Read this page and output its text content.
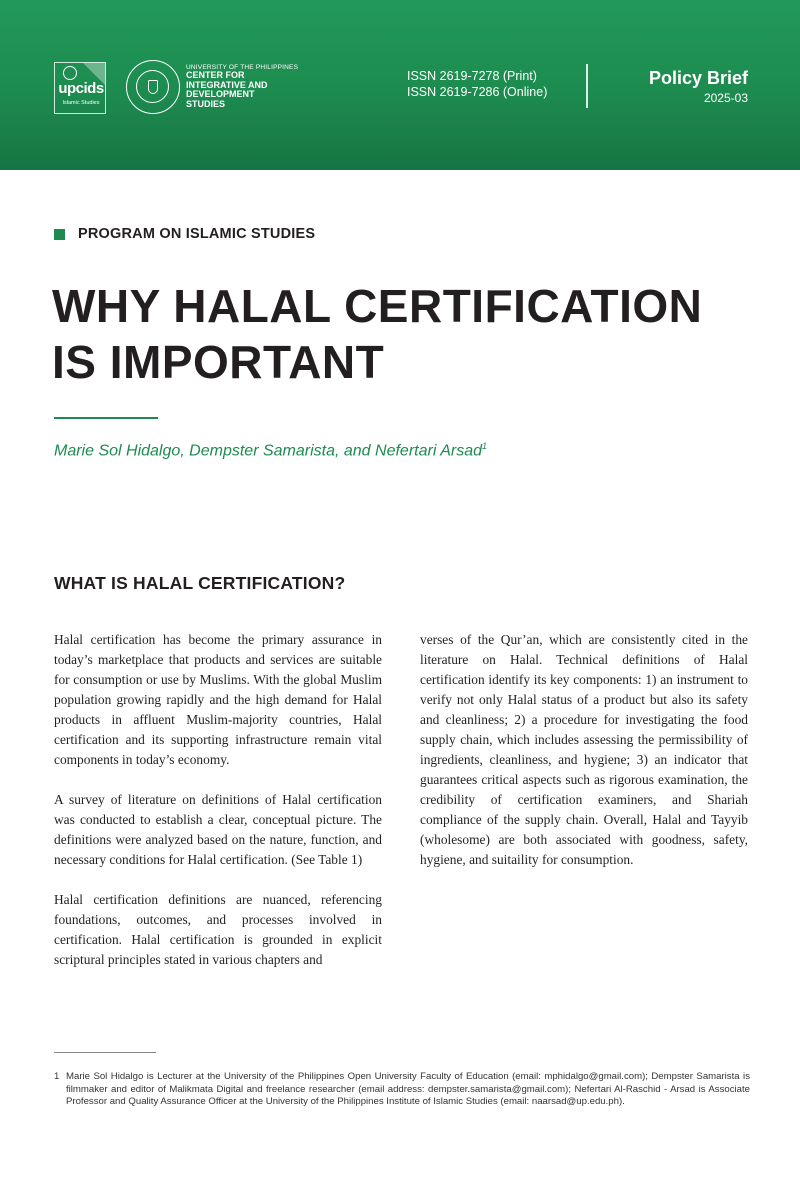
upcids
Islamic Studies
UNIVERSITY OF THE PHILIPPINES
CENTER FOR
INTEGRATIVE AND
DEVELOPMENT
STUDIES
ISSN 2619-7278 (Print)
ISSN 2619-7286 (Online)
Policy Brief
2025-03
PROGRAM ON ISLAMIC STUDIES
WHY HALAL CERTIFICATION
IS IMPORTANT
Marie Sol Hidalgo, Dempster Samarista, and Nefertari Arsad$^1$
WHAT IS HALAL CERTIFICATION?

Halal certification has become the primary assurance in today’s marketplace that products and services are suitable for consumption or use by Muslims. With the global Muslim population growing rapidly and the high demand for Halal products in affluent Muslim-majority countries, Halal certification and its supporting infrastructure remain vital components in today’s economy.

A survey of literature on definitions of Halal certification was conducted to establish a clear, conceptual picture. The definitions were analyzed based on the nature, function, and necessary conditions for Halal certification. (See Table 1)

Halal certification definitions are nuanced, referencing foundations, outcomes, and processes involved in certification. Halal certification is grounded in explicit scriptural principles stated in various chapters and

verses of the Qur’an, which are consistently cited in the literature on Halal. Technical definitions of Halal certification identify its key components: 1) an instrument to verify not only Halal status of a product but also its safety and cleanliness; 2) a procedure for investigating the food supply chain, which includes assessing the permissibility of ingredients, cleanliness, and hygiene; 3) an indicator that guarantees critical aspects such as rigorous examination, the credibility of certification examiners, and Shariah compliance of the supply chain. Overall, Halal and Tayyib (wholesome) are both associated with goodness, safety, hygiene, and suitaility for consumption.

1 Marie Sol Hidalgo is Lecturer at the University of the Philippines Open University Faculty of Education (email: mphidalgo@gmail.com); Dempster Samarista is filmmaker and editor of Malikmata Digital and freelance researcher (email address: dempster.samarista@gmail.com); Nefertari Al-Raschid - Arsad is Associate Professor and Quality Assurance Officer at the University of the Philippines Institute of Islamic Studies (email: naarsad@up.edu.ph).
